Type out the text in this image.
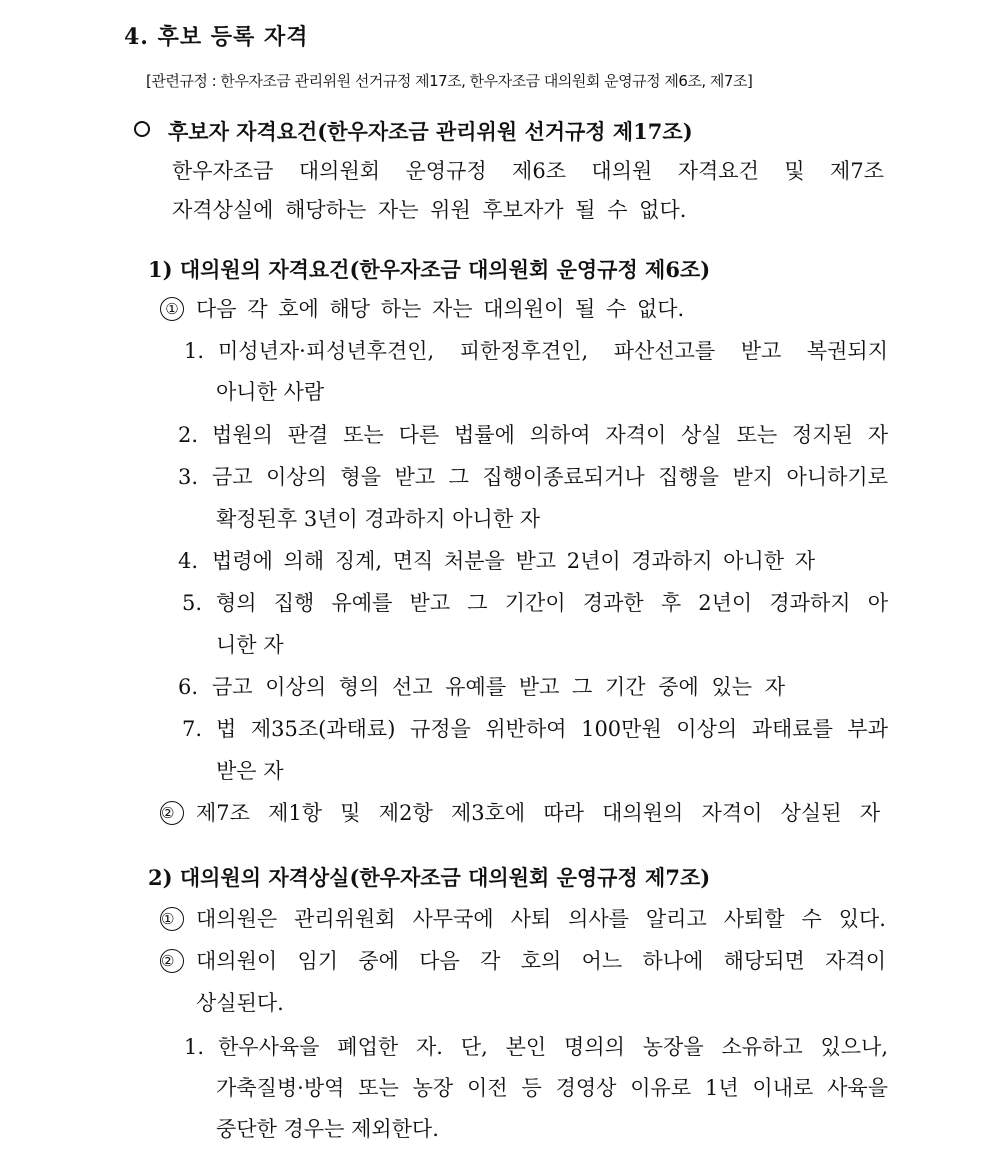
4. 후보 등록 자격
[관련규정 : 한우자조금 관리위원 선거규정 제17조, 한우자조금 대의원회 운영규정 제6조, 제7조]
후보자 자격요건(한우자조금 관리위원 선거규정 제17조)
한우자조금 대의원회 운영규정 제6조 대의원 자격요건 및 제7조
자격상실에 해당하는 자는 위원 후보자가 될 수 없다.
1) 대의원의 자격요건(한우자조금 대의원회 운영규정 제6조)
① 다음 각 호에 해당 하는 자는 대의원이 될 수 없다.
1. 미성년자·피성년후견인, 피한정후견인, 파산선고를 받고 복권되지
아니한 사람
2. 법원의 판결 또는 다른 법률에 의하여 자격이 상실 또는 정지된 자
3. 금고 이상의 형을 받고 그 집행이종료되거나 집행을 받지 아니하기로
확정된후 3년이 경과하지 아니한 자
4. 법령에 의해 징계, 면직 처분을 받고 2년이 경과하지 아니한 자
5. 형의 집행 유예를 받고 그 기간이 경과한 후 2년이 경과하지 아
니한 자
6. 금고 이상의 형의 선고 유예를 받고 그 기간 중에 있는 자
7. 법 제35조(과태료) 규정을 위반하여 100만원 이상의 과태료를 부과
받은 자
② 제7조 제1항 및 제2항 제3호에 따라 대의원의 자격이 상실된 자
2) 대의원의 자격상실(한우자조금 대의원회 운영규정 제7조)
① 대의원은 관리위원회 사무국에 사퇴 의사를 알리고 사퇴할 수 있다.
② 대의원이 임기 중에 다음 각 호의 어느 하나에 해당되면 자격이
상실된다.
1. 한우사육을 폐업한 자. 단, 본인 명의의 농장을 소유하고 있으나,
가축질병·방역 또는 농장 이전 등 경영상 이유로 1년 이내로 사육을
중단한 경우는 제외한다.
